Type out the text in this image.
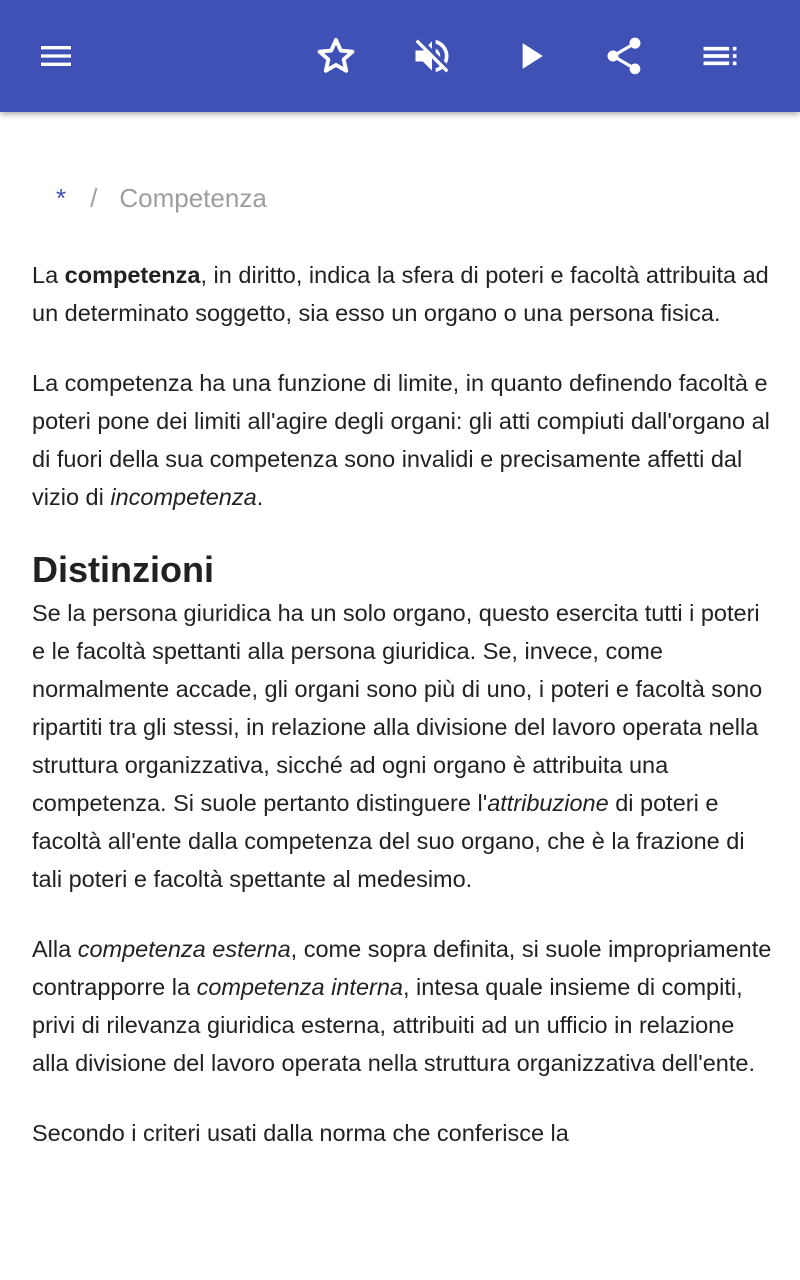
* / Competenza

La competenza, in diritto, indica la sfera di poteri e facoltà attribuita ad un determinato soggetto, sia esso un organo o una persona fisica.

La competenza ha una funzione di limite, in quanto definendo facoltà e poteri pone dei limiti all'agire degli organi: gli atti compiuti dall'organo al di fuori della sua competenza sono invalidi e precisamente affetti dal vizio di incompetenza.

Distinzioni

Se la persona giuridica ha un solo organo, questo esercita tutti i poteri e le facoltà spettanti alla persona giuridica. Se, invece, come normalmente accade, gli organi sono più di uno, i poteri e facoltà sono ripartiti tra gli stessi, in relazione alla divisione del lavoro operata nella struttura organizzativa, sicché ad ogni organo è attribuita una competenza. Si suole pertanto distinguere l'attribuzione di poteri e facoltà all'ente dalla competenza del suo organo, che è la frazione di tali poteri e facoltà spettante al medesimo.

Alla competenza esterna, come sopra definita, si suole impropriamente contrapporre la competenza interna, intesa quale insieme di compiti, privi di rilevanza giuridica esterna, attribuiti ad un ufficio in relazione alla divisione del lavoro operata nella struttura organizzativa dell'ente.

Secondo i criteri usati dalla norma che conferisce la
